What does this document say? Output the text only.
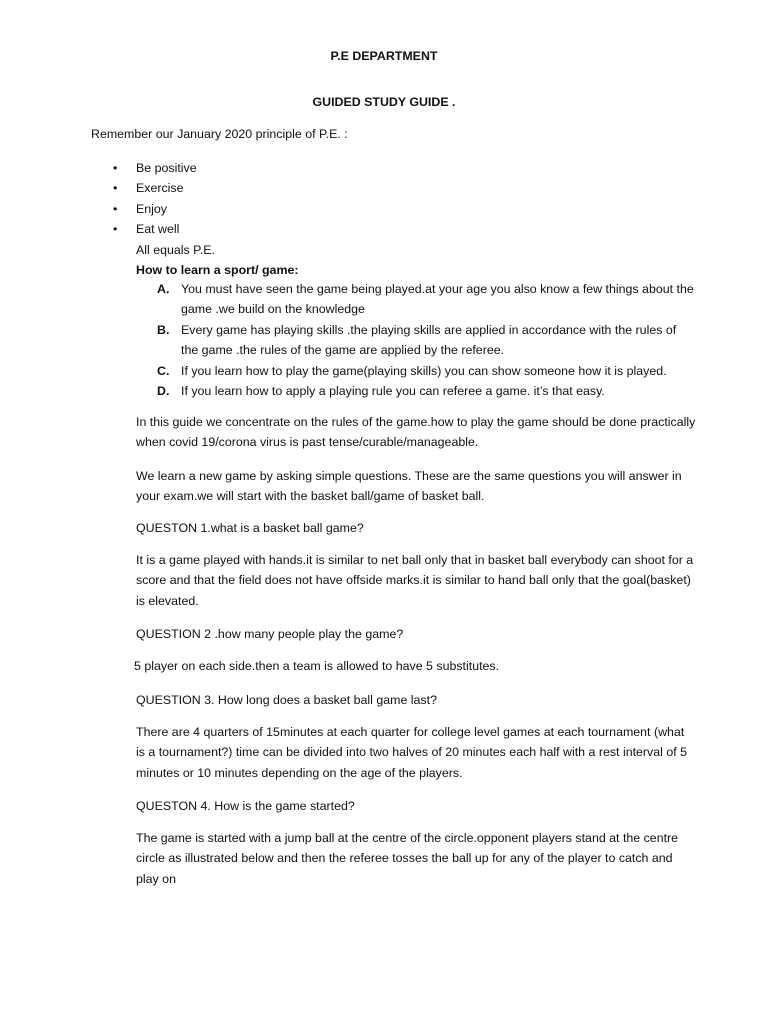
P.E DEPARTMENT

GUIDED STUDY GUIDE .

Remember our January 2020 principle of P.E. :

• Be positive
• Exercise
• Enjoy
• Eat well

All equals P.E.

How to learn a sport/ game:

A. You must have seen the game being played.at your age you also know a few things about the game .we build on the knowledge
B. Every game has playing skills .the playing skills are applied in accordance with the rules of the game .the rules of the game are applied by the referee.
C. If you learn how to play the game(playing skills) you can show someone how it is played.
D. If you learn how to apply a playing rule you can referee a game. it’s that easy.

In this guide we concentrate on the rules of the game.how to play the game should be done practically when covid 19/corona virus is past tense/curable/manageable.

We learn a new game by asking simple questions. These are the same questions you will answer in your exam.we will start with the basket ball/game of basket ball.

QUESTON 1.what is a basket ball game?

It is a game played with hands.it is similar to net ball only that in basket ball everybody can shoot for a score and that the field does not have offside marks.it is similar to hand ball only that the goal(basket) is elevated.

QUESTION 2 .how many people play the game?

5 player on each side.then a team is allowed to have 5 substitutes.

QUESTION 3. How long does a basket ball game last?

There are 4 quarters of 15minutes at each quarter for college level games at each tournament (what is a tournament?) time can be divided into two halves of 20 minutes each half with a rest interval of 5 minutes or 10 minutes depending on the age of the players.

QUESTON 4. How is the game started?

The game is started with a jump ball at the centre of the circle.opponent players stand at the centre circle as illustrated below and then the referee tosses the ball up for any of the player to catch and play on
